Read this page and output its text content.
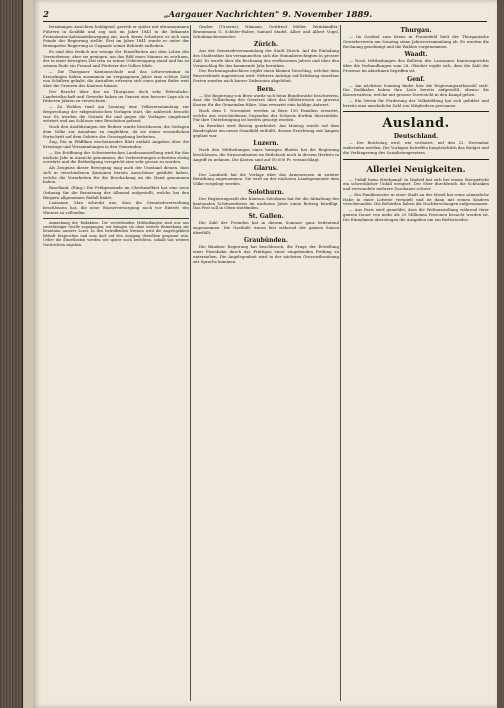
2	„Aargauer Nachrichten" 9. November 1889.

freisinnigen Ansichten huldigend, gerieth er später mit ultramontanen Führern in Konflikt und zog sich im Jahre 1841 in die bekannte Freienämter-Aufstandsbewegung ein, nach deren Scheitern er sich zum Feinde der Regierung stellte. Erst im Jahre 1841 wurde er unter der Bremgarter Regierung in Ungnade seiner Behörde enthoben.

Es sind dies freilich nur wenige der Einzelheiten aus dem Leben des Verstorbenen; aber sie genügen, um das Bild eines Mannes zu zeichnen, der in einer bewegten Zeit treu zu seiner Ueberzeugung stand und bis zu seinem Ende ein Freund und Förderer des Volkes blieb.

— Die Thurgauer Kantonsschule und das Lehrerseminar in Kreuzlingen haben zusammen im vergangenen Jahre eine schöne Zahl von Schülern gehabt; die Anstalten erfreuen sich eines guten Rufes weit über die Grenzen des Kantons hinaus.

Der Bericht über das im Thurgauer doch sehr Erfreuliche: Landwirthschaft und Gewerbe haben im Ganzen eine bessere Lage als in früheren Jahren zu verzeichnen.

— Zu Wohlen fand am Sonntag eine Volksversammlung zur Besprechung der eidgenössischen Vorlagen statt, die zahlreich besucht war. Es wurden die Gründe für und gegen die Vorlagen eingehend erörtert und am Schlusse eine Resolution gefasst.

Nach den Ausführungen der Redner wurde beschlossen, die Vorlagen dem Volke zur Annahme zu empfehlen, da sie einen wesentlichen Fortschritt auf dem Gebiete der Gesetzgebung bedeuten.

Zug. Ein in Pfäffikon erscheinendes Blatt enthält Angaben über die Kreistage und Versammlungen in den Gemeinden.

— Die Eröffnung der Schweizerischen Landesausstellung wird für das nächste Jahr in Aussicht genommen; die Vorbereitungen schreiten rüstig vorwärts und die Betheiligung verspricht eine sehr grosse zu werden.

Als Zeugniss dieser Bewegung mag auch der Umstand dienen, dass sich in verschiedenen Kantonen bereits Ausschüsse gebildet haben, welche die Vorarbeiten für die Beschickung an die Hand genommen haben.

Baselland. (Eing.) Die Feldgemeinde im Oberbaselbiet hat eine neue Ordnung für die Benutzung der Allmend aufgestellt, welche bei den Bürgern allgemeinen Beifall findet.

Lausanne. Man schreibt uns, dass die Gemeindeverwaltung beschlossen hat, die neue Wasserversorgung noch vor Eintritt des Winters zu vollenden.

Anmerkung der Redaktion. Die vorstehenden Mittheilungen sind uns aus zuverlässiger Quelle zugegangen; wir bringen sie ohne weitere Bemerkung zur Kenntniss unserer Leser. In den betreffenden Kreisen wird die Angelegenheit lebhaft besprochen und man darf auf den Ausgang derselben gespannt sein. Ueber die Einzelheiten werden wir später noch berichten, sobald uns weitere Nachrichten zugehen.

Gruber (Urserns), Nämann, Gottfried Müller, Weinhändler; Brunnmann G. Schüler-Halter, Samuel Stadel, Alber und Albert Vogel, Schuhmachermeister.

Zürich.

Aus der Gemeindeversammlung der Stadt Zürich. Auf die Einladung des Stadtrathes hin versammelten sich die Stimmberechtigten in grosser Zahl. Es wurde über die Rechnung des verflossenen Jahres und über den Voranschlag für das kommende Jahr berathen.

Der Rechnungsabschluss ergibt einen kleinen Vorschlag, welcher dem Reservefonde zugewiesen wird. Mehrere Anträge auf Erhöhung einzelner Posten wurden nach kurzer Diskussion abgelehnt.

Bern.

— Die Regierung von Bern wurde sich beim Bundesrathe beschweren, dass die Vollziehung des Gesetzes über das Militärwesen zu grossen Kosten für die Gemeinden führe. Man erwartet eine baldige Antwort.

Nach dem 1. November werden in Bern 150 Familien erwartet, welche aus verschiedenen Gegenden der Schweiz dorthin übersiedeln. Für ihre Unterbringung ist bereits gesorgt worden.

Im Bernbiet wird fleissig gearbeitet. Am Montag wurde auf dem Bundesplatz ein neues Standbild enthüllt, dessen Errichtung seit langem geplant war.

Luzern.

Nach den Mittheilungen eines hiesigen Blattes hat die Regierung beschlossen, die Strassenbauten im Entlebuch noch in diesem Herbste in Angriff zu nehmen. Die Kosten sind auf 50,000 Fr. veranschlagt.

Glarus.

Der Landrath hat die Vorlage über das Armenwesen in zweiter Berathung angenommen. Sie wird an der nächsten Landsgemeinde dem Volke vorgelegt werden.

Solothurn.

Der Regierungsrath des Kantons Solothurn hat für die Abhaltung des kantonalen Schützenfestes im nächsten Jahre einen Beitrag bewilligt. Das Fest soll in Olten stattfinden.

St. Gallen.

Die Zahl der Fremden hat in diesem Sommer ganz bedeutend zugenommen. Die Gasthöfe waren fast während der ganzen Saison überfüllt.

Graubünden.

Die Bündner Regierung hat beschlossen, die Frage der Erstellung einer Eisenbahn durch das Prättigau einer eingehenden Prüfung zu unterziehen. Die Angelegenheit wird in der nächsten Grossrathssitzung zur Sprache kommen.

Thurgau.

— Im Gasthof zum Kreuz in Frauenfeld hielt der Thurgauische Gewerbeverein am Sonntag seine Jahresversammlung ab. Es wurden die Rechnung genehmigt und die Wahlen vorgenommen.

Waadt.

— Noch Mittheilungen des Bulletin des Lausanner Kantonsgerichts über die Verhandlungen vom 28. Oktober ergibt sich, dass die Zahl der Prozesse im Abnehmen begriffen ist.

Genf.

— Am nächsten Sonntag findet hier die Regierungsrathswahl statt. Die Radikalen haben ihre Liste bereits aufgestellt, ebenso die Konservativen, welche mit grosser Zuversicht in den Kampf gehen.

— Ein Verein für Förderung der Volksbildung hat sich gebildet und bereits eine ansehnliche Zahl von Mitgliedern gewonnen.

Ausland.
Deutschland.

— Der Reichstag wird, wie verlautet, auf den 22. November einberufen werden. Die Vorlagen betreffen hauptsächlich das Budget und die Verlängerung des Sozialistengesetzes.

Allerlei Neuigkeiten.

— Unfall beim Stierkampf. In Madrid hat sich bei einem Stiergefecht ein schrecklicher Unfall ereignet. Der Stier durchbrach die Schranken und verwundete mehrere Zuschauer schwer.

— Ein Familienvater in einer Stadt an der Mosel hat seine sämmtliche Habe in einer Lotterie verspielt und ist dann mit seinen Kindern verschwunden. Die Behörden haben die Nachforschungen aufgenommen.

— Aus Paris wird gemeldet, dass die Weltausstellung während ihrer ganzen Dauer von mehr als 25 Millionen Personen besucht worden ist. Die Einnahmen übersteigen die Ausgaben um ein Bedeutendes.
